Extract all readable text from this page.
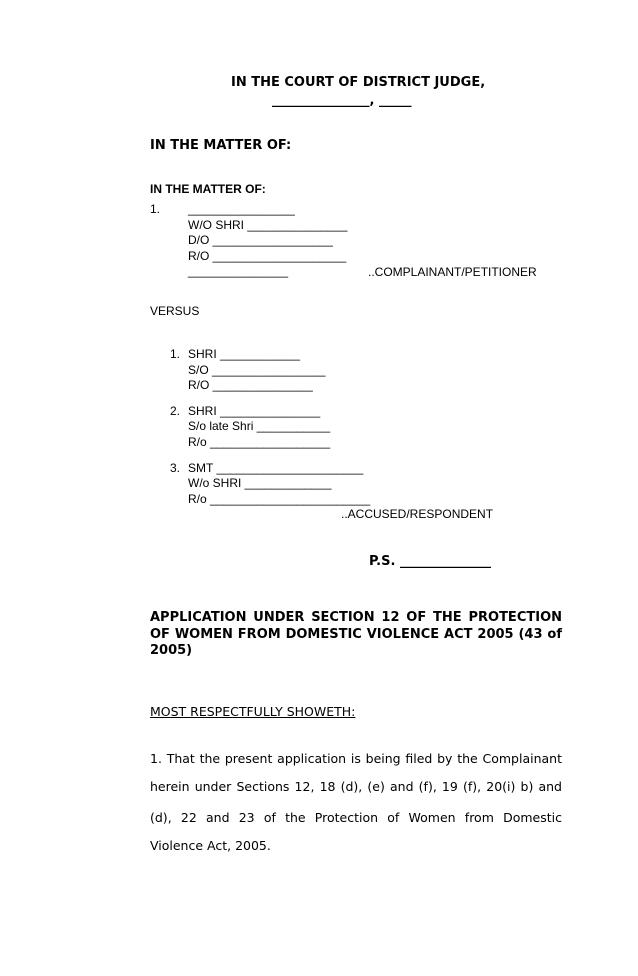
IN THE COURT OF DISTRICT JUDGE,
_______________, _____
IN THE MATTER OF:
IN THE MATTER OF:
1. ________________
W/O SHRI _______________
D/O __________________
R/O ____________________
_______________	..COMPLAINANT/PETITIONER
VERSUS
1. SHRI ____________
S/O _________________
R/O _______________
2. SHRI _______________
S/o late Shri ___________
R/o __________________
3. SMT ______________________
W/o SHRI _____________
R/o ________________________
..ACCUSED/RESPONDENT
P.S. ______________
APPLICATION UNDER SECTION 12 OF THE PROTECTION
OF WOMEN FROM DOMESTIC VIOLENCE ACT 2005 (43 of
2005)
MOST RESPECTFULLY SHOWETH:
1. That the present application is being filed by the Complainant
herein under Sections 12, 18 (d), (e) and (f), 19 (f), 20(i) b) and
(d), 22 and 23 of the Protection of Women from Domestic
Violence Act, 2005.
